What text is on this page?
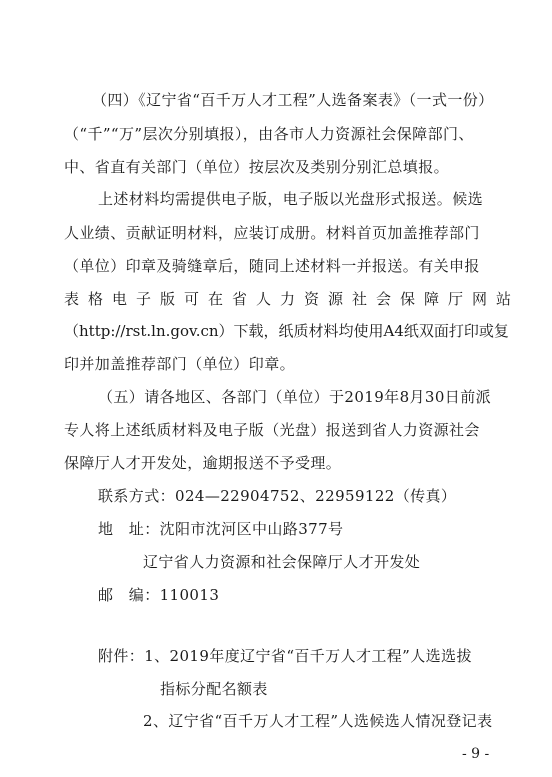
（四）《辽宁省“百千万人才工程”人选备案表》（一式一份）
（“千”“万”层次分别填报），由各市人力资源社会保障部门、
中、省直有关部门（单位）按层次及类别分别汇总填报。
上述材料均需提供电子版，电子版以光盘形式报送。候选
人业绩、贡献证明材料，应装订成册。材料首页加盖推荐部门
（单位）印章及骑缝章后，随同上述材料一并报送。有关申报
表格电子版可在省人力资源社会保障厅网站
（http://rst.ln.gov.cn）下载，纸质材料均使用A4纸双面打印或复
印并加盖推荐部门（单位）印章。
（五）请各地区、各部门（单位）于2019年8月30日前派
专人将上述纸质材料及电子版（光盘）报送到省人力资源社会
保障厅人才开发处，逾期报送不予受理。
联系方式：024—22904752、22959122（传真）
地　址：沈阳市沈河区中山路377号
辽宁省人力资源和社会保障厅人才开发处
邮　编：110013
附件：1、2019年度辽宁省“百千万人才工程”人选选拔
指标分配名额表
2、辽宁省“百千万人才工程”人选候选人情况登记表
- 9 -
